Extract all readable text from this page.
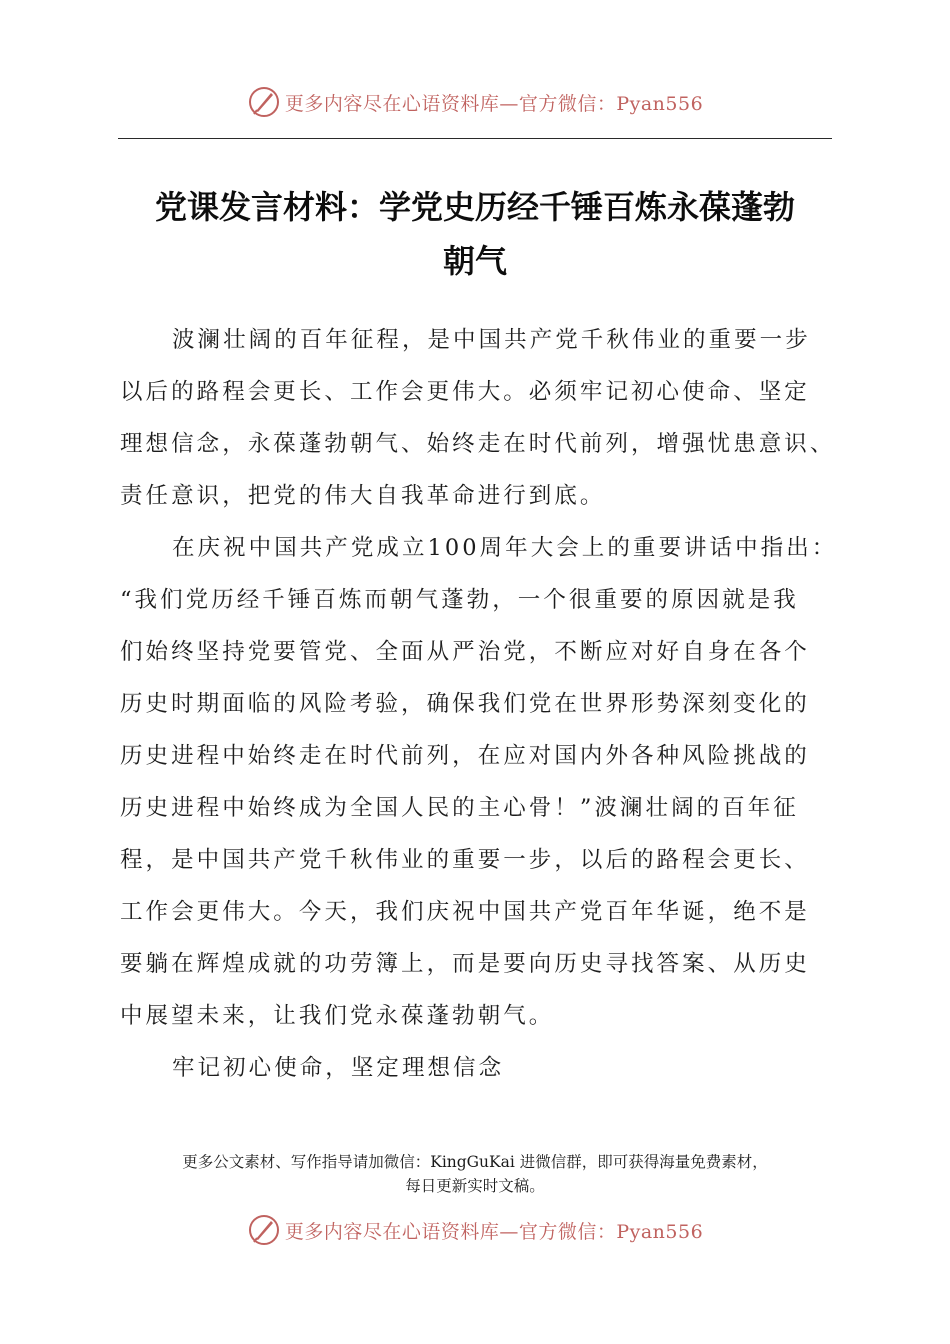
更多内容尽在心语资料库—官方微信：Pyan556
党课发言材料：学党史历经千锤百炼永葆蓬勃
朝气
波澜壮阔的百年征程，是中国共产党千秋伟业的重要一步
以后的路程会更长、工作会更伟大。必须牢记初心使命、坚定
理想信念，永葆蓬勃朝气、始终走在时代前列，增强忧患意识、
责任意识，把党的伟大自我革命进行到底。
在庆祝中国共产党成立100周年大会上的重要讲话中指出：
“我们党历经千锤百炼而朝气蓬勃，一个很重要的原因就是我
们始终坚持党要管党、全面从严治党，不断应对好自身在各个
历史时期面临的风险考验，确保我们党在世界形势深刻变化的
历史进程中始终走在时代前列，在应对国内外各种风险挑战的
历史进程中始终成为全国人民的主心骨！”波澜壮阔的百年征
程，是中国共产党千秋伟业的重要一步，以后的路程会更长、
工作会更伟大。今天，我们庆祝中国共产党百年华诞，绝不是
要躺在辉煌成就的功劳簿上，而是要向历史寻找答案、从历史
中展望未来，让我们党永葆蓬勃朝气。
牢记初心使命，坚定理想信念
更多公文素材、写作指导请加微信：KingGuKai 进微信群，即可获得海量免费素材，
每日更新实时文稿。
更多内容尽在心语资料库—官方微信：Pyan556
